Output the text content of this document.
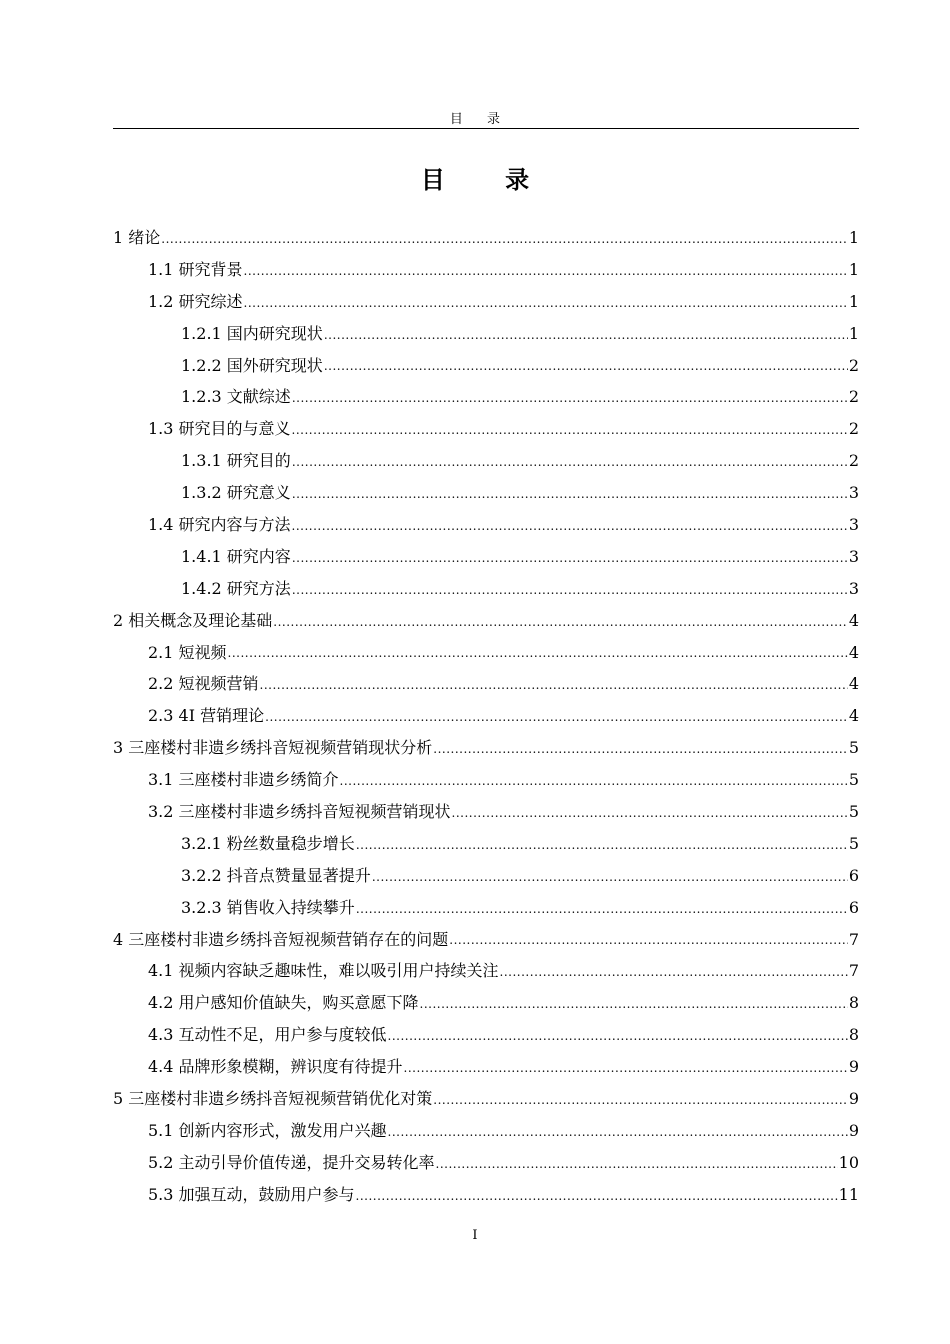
目 录
目 录
1 绪论 .....	1
1.1 研究背景 .....	1
1.2 研究综述 .....	1
1.2.1 国内研究现状 .....	1
1.2.2 国外研究现状 .....	2
1.2.3 文献综述 .....	2
1.3 研究目的与意义 .....	2
1.3.1 研究目的 .....	2
1.3.2 研究意义 .....	3
1.4 研究内容与方法 .....	3
1.4.1 研究内容 .....	3
1.4.2 研究方法 .....	3
2 相关概念及理论基础 .....	4
2.1 短视频 .....	4
2.2 短视频营销 .....	4
2.3 4I 营销理论 .....	4
3 三座楼村非遗乡绣抖音短视频营销现状分析 .....	5
3.1 三座楼村非遗乡绣简介 .....	5
3.2 三座楼村非遗乡绣抖音短视频营销现状 .....	5
3.2.1 粉丝数量稳步增长 .....	5
3.2.2 抖音点赞量显著提升 .....	6
3.2.3 销售收入持续攀升 .....	6
4 三座楼村非遗乡绣抖音短视频营销存在的问题 .....	7
4.1 视频内容缺乏趣味性，难以吸引用户持续关注 .....	7
4.2 用户感知价值缺失，购买意愿下降 .....	8
4.3 互动性不足，用户参与度较低 .....	8
4.4 品牌形象模糊，辨识度有待提升 .....	9
5 三座楼村非遗乡绣抖音短视频营销优化对策 .....	9
5.1 创新内容形式，激发用户兴趣 .....	9
5.2 主动引导价值传递，提升交易转化率 .....	10
5.3 加强互动，鼓励用户参与 .....	11
I
